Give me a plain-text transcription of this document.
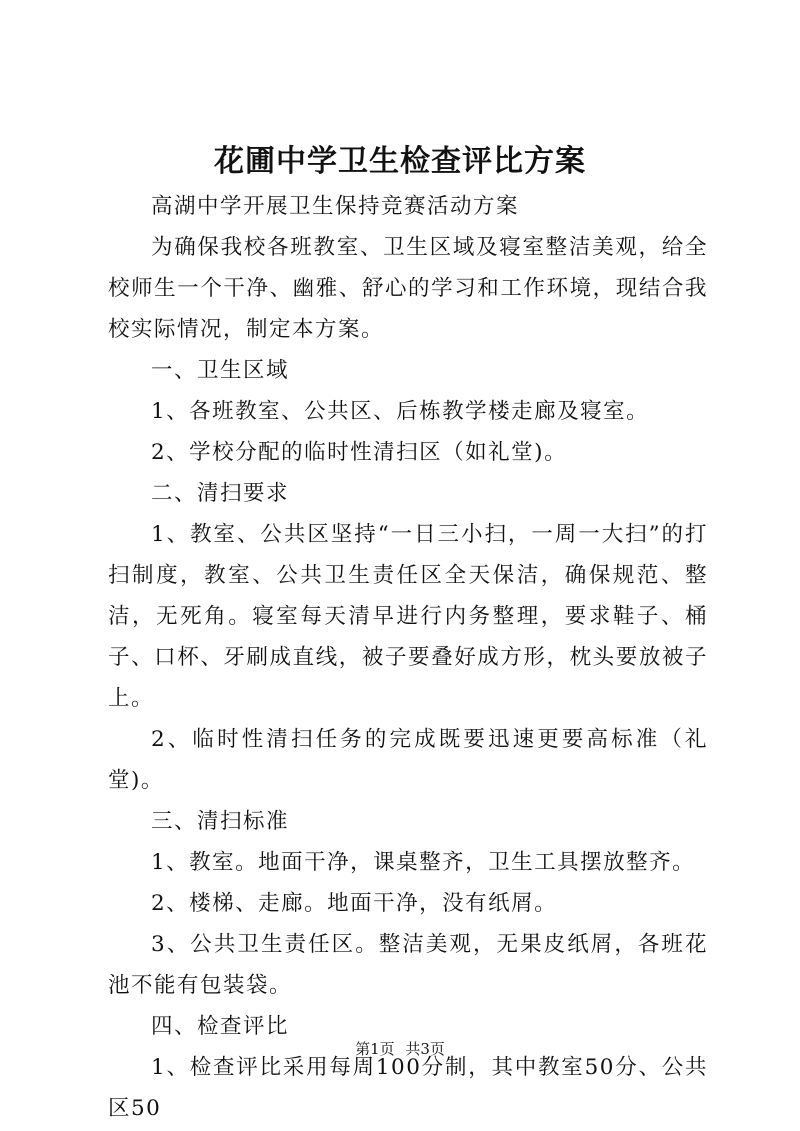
花圃中学卫生检查评比方案

高湖中学开展卫生保持竞赛活动方案

为确保我校各班教室、卫生区域及寝室整洁美观，给全校师生一个干净、幽雅、舒心的学习和工作环境，现结合我校实际情况，制定本方案。

一、卫生区域

1、各班教室、公共区、后栋教学楼走廊及寝室。

2、学校分配的临时性清扫区（如礼堂)。

二、清扫要求

1、教室、公共区坚持“一日三小扫，一周一大扫”的打扫制度，教室、公共卫生责任区全天保洁，确保规范、整洁，无死角。寝室每天清早进行内务整理，要求鞋子、桶子、口杯、牙刷成直线，被子要叠好成方形，枕头要放被子上。

2、临时性清扫任务的完成既要迅速更要高标准（礼堂)。

三、清扫标准

1、教室。地面干净，课桌整齐，卫生工具摆放整齐。

2、楼梯、走廊。地面干净，没有纸屑。

3、公共卫生责任区。整洁美观，无果皮纸屑，各班花池不能有包装袋。

四、检查评比

1、检查评比采用每周100分制，其中教室50分、公共区50

第1页 共3页
